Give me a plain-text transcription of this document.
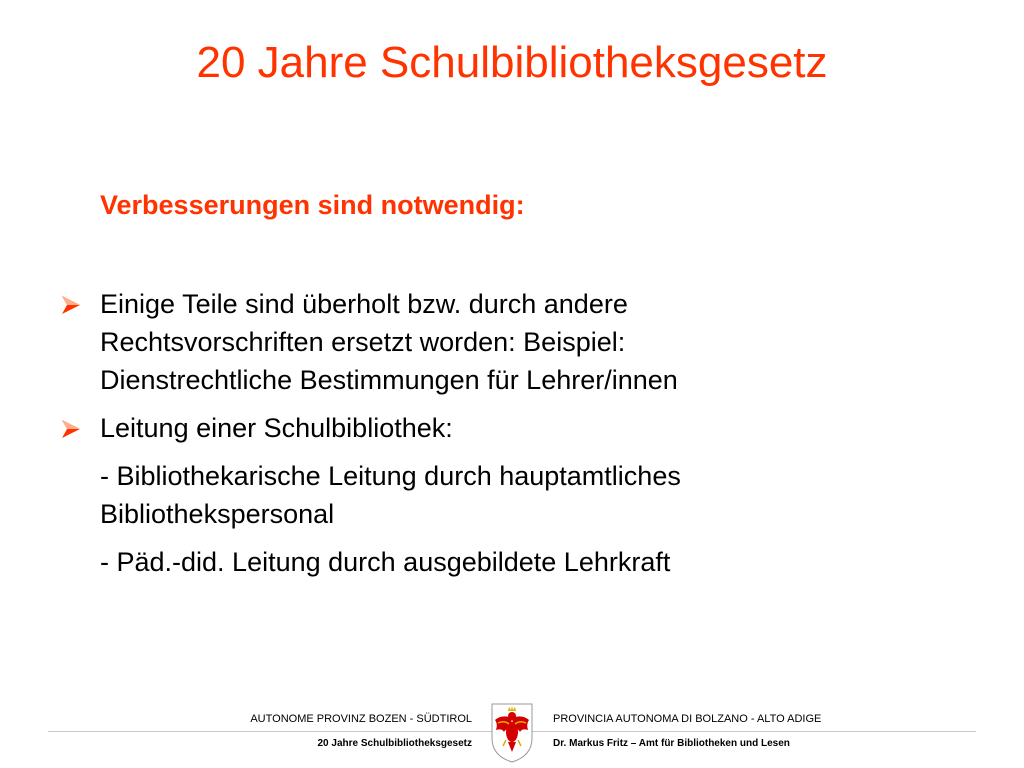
20 Jahre Schulbibliotheksgesetz
Verbesserungen sind notwendig:
Einige Teile sind überholt bzw. durch andere
Rechtsvorschriften ersetzt worden: Beispiel:
Dienstrechtliche Bestimmungen für Lehrer/innen
Leitung einer Schulbibliothek:
- Bibliothekarische Leitung durch hauptamtliches
Bibliothekspersonal
- Päd.-did. Leitung durch ausgebildete Lehrkraft
AUTONOME PROVINZ BOZEN - SÜDTIROL	PROVINCIA AUTONOMA DI BOLZANO - ALTO ADIGE
20 Jahre Schulbibliotheksgesetz	Dr. Markus Fritz – Amt für Bibliotheken und Lesen
